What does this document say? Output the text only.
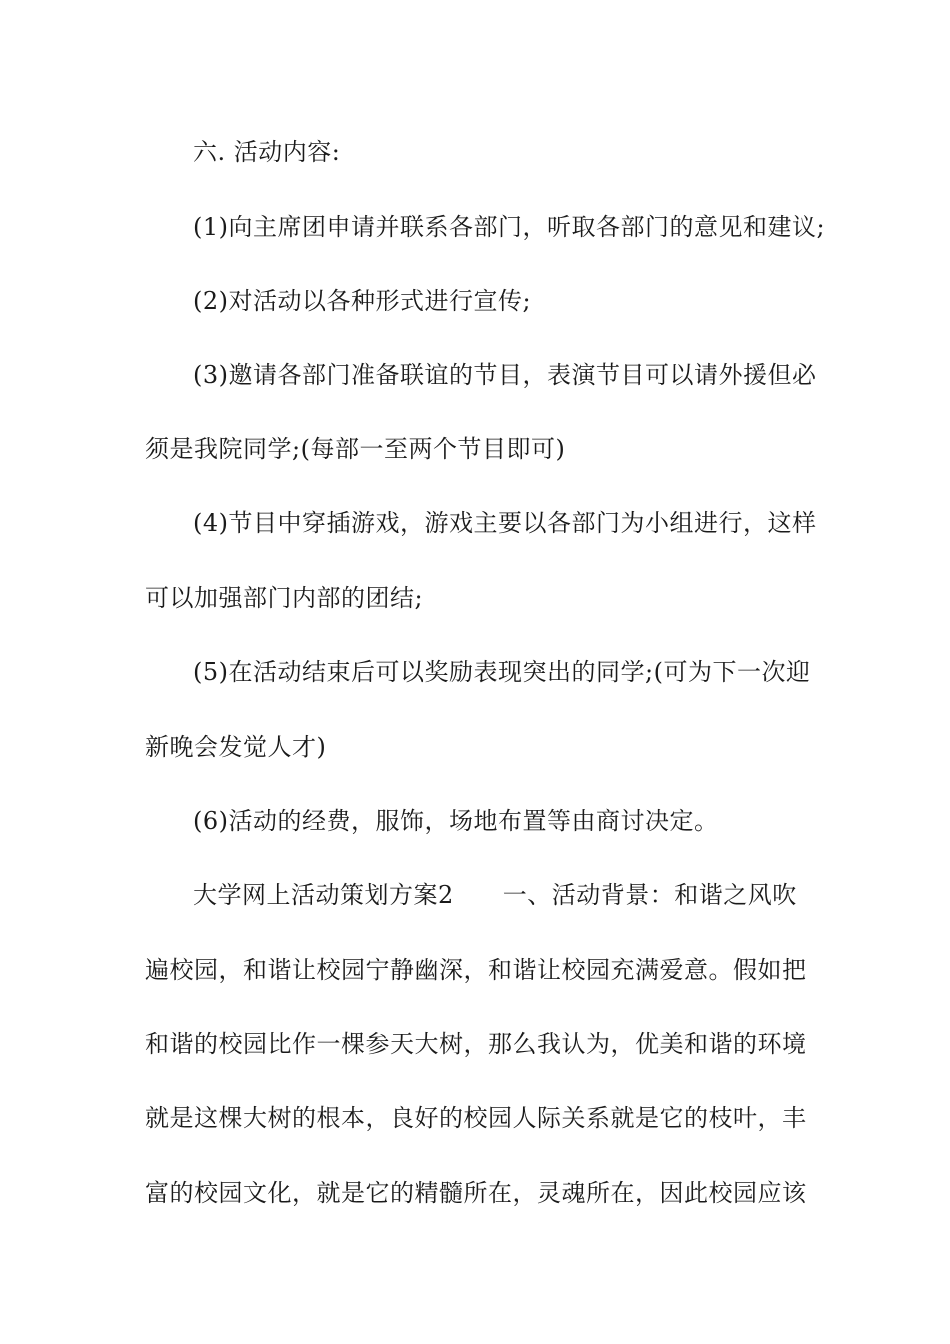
六. 活动内容:
(1)向主席团申请并联系各部门，听取各部门的意见和建议;
(2)对活动以各种形式进行宣传;
(3)邀请各部门准备联谊的节目，表演节目可以请外援但必
须是我院同学;(每部一至两个节目即可)
(4)节目中穿插游戏，游戏主要以各部门为小组进行，这样
可以加强部门内部的团结;
(5)在活动结束后可以奖励表现突出的同学;(可为下一次迎
新晚会发觉人才)
(6)活动的经费，服饰，场地布置等由商讨决定。
大学网上活动策划方案2　　一、活动背景：和谐之风吹
遍校园，和谐让校园宁静幽深，和谐让校园充满爱意。假如把
和谐的校园比作一棵参天大树，那么我认为，优美和谐的环境
就是这棵大树的根本，良好的校园人际关系就是它的枝叶，丰
富的校园文化，就是它的精髓所在，灵魂所在，因此校园应该
